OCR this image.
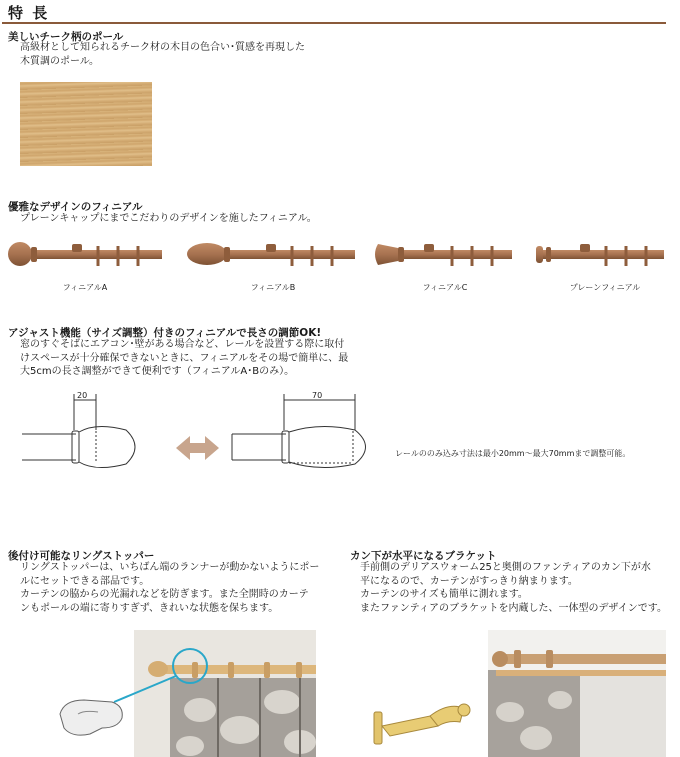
特 長
美しいチーク柄のポール
高級材として知られるチーク材の木目の色合い･質感を再現した
木質調のポール。
優雅なデザインのフィニアル
プレーンキャップにまでこだわりのデザインを施したフィニアル。
フィニアルA	フィニアルB	フィニアルC	プレーンフィニアル
アジャスト機能（サイズ調整）付きのフィニアルで長さの調節OK!
窓のすぐそばにエアコン･壁がある場合など、レールを設置する際に取付
けスペースが十分確保できないときに、フィニアルをその場で簡単に、最
大5cmの長さ調整ができて便利です（フィニアルA･Bのみ）。
20	70
レールののみ込み寸法は最小20mm～最大70mmまで調整可能。
後付け可能なリングストッパー
リングストッパーは、いちばん端のランナーが動かないようにポー
ルにセットできる部品です。
カーテンの脇からの光漏れなどを防ぎます。また全開時のカーテ
ンもポールの端に寄りすぎず、きれいな状態を保ちます。
カン下が水平になるブラケット
手前側のデリアスウォーム25と奥側のファンティアのカン下が水
平になるので、カーテンがすっきり納まります。
カーテンのサイズも簡単に測れます。
またファンティアのブラケットを内蔵した、一体型のデザインです。
